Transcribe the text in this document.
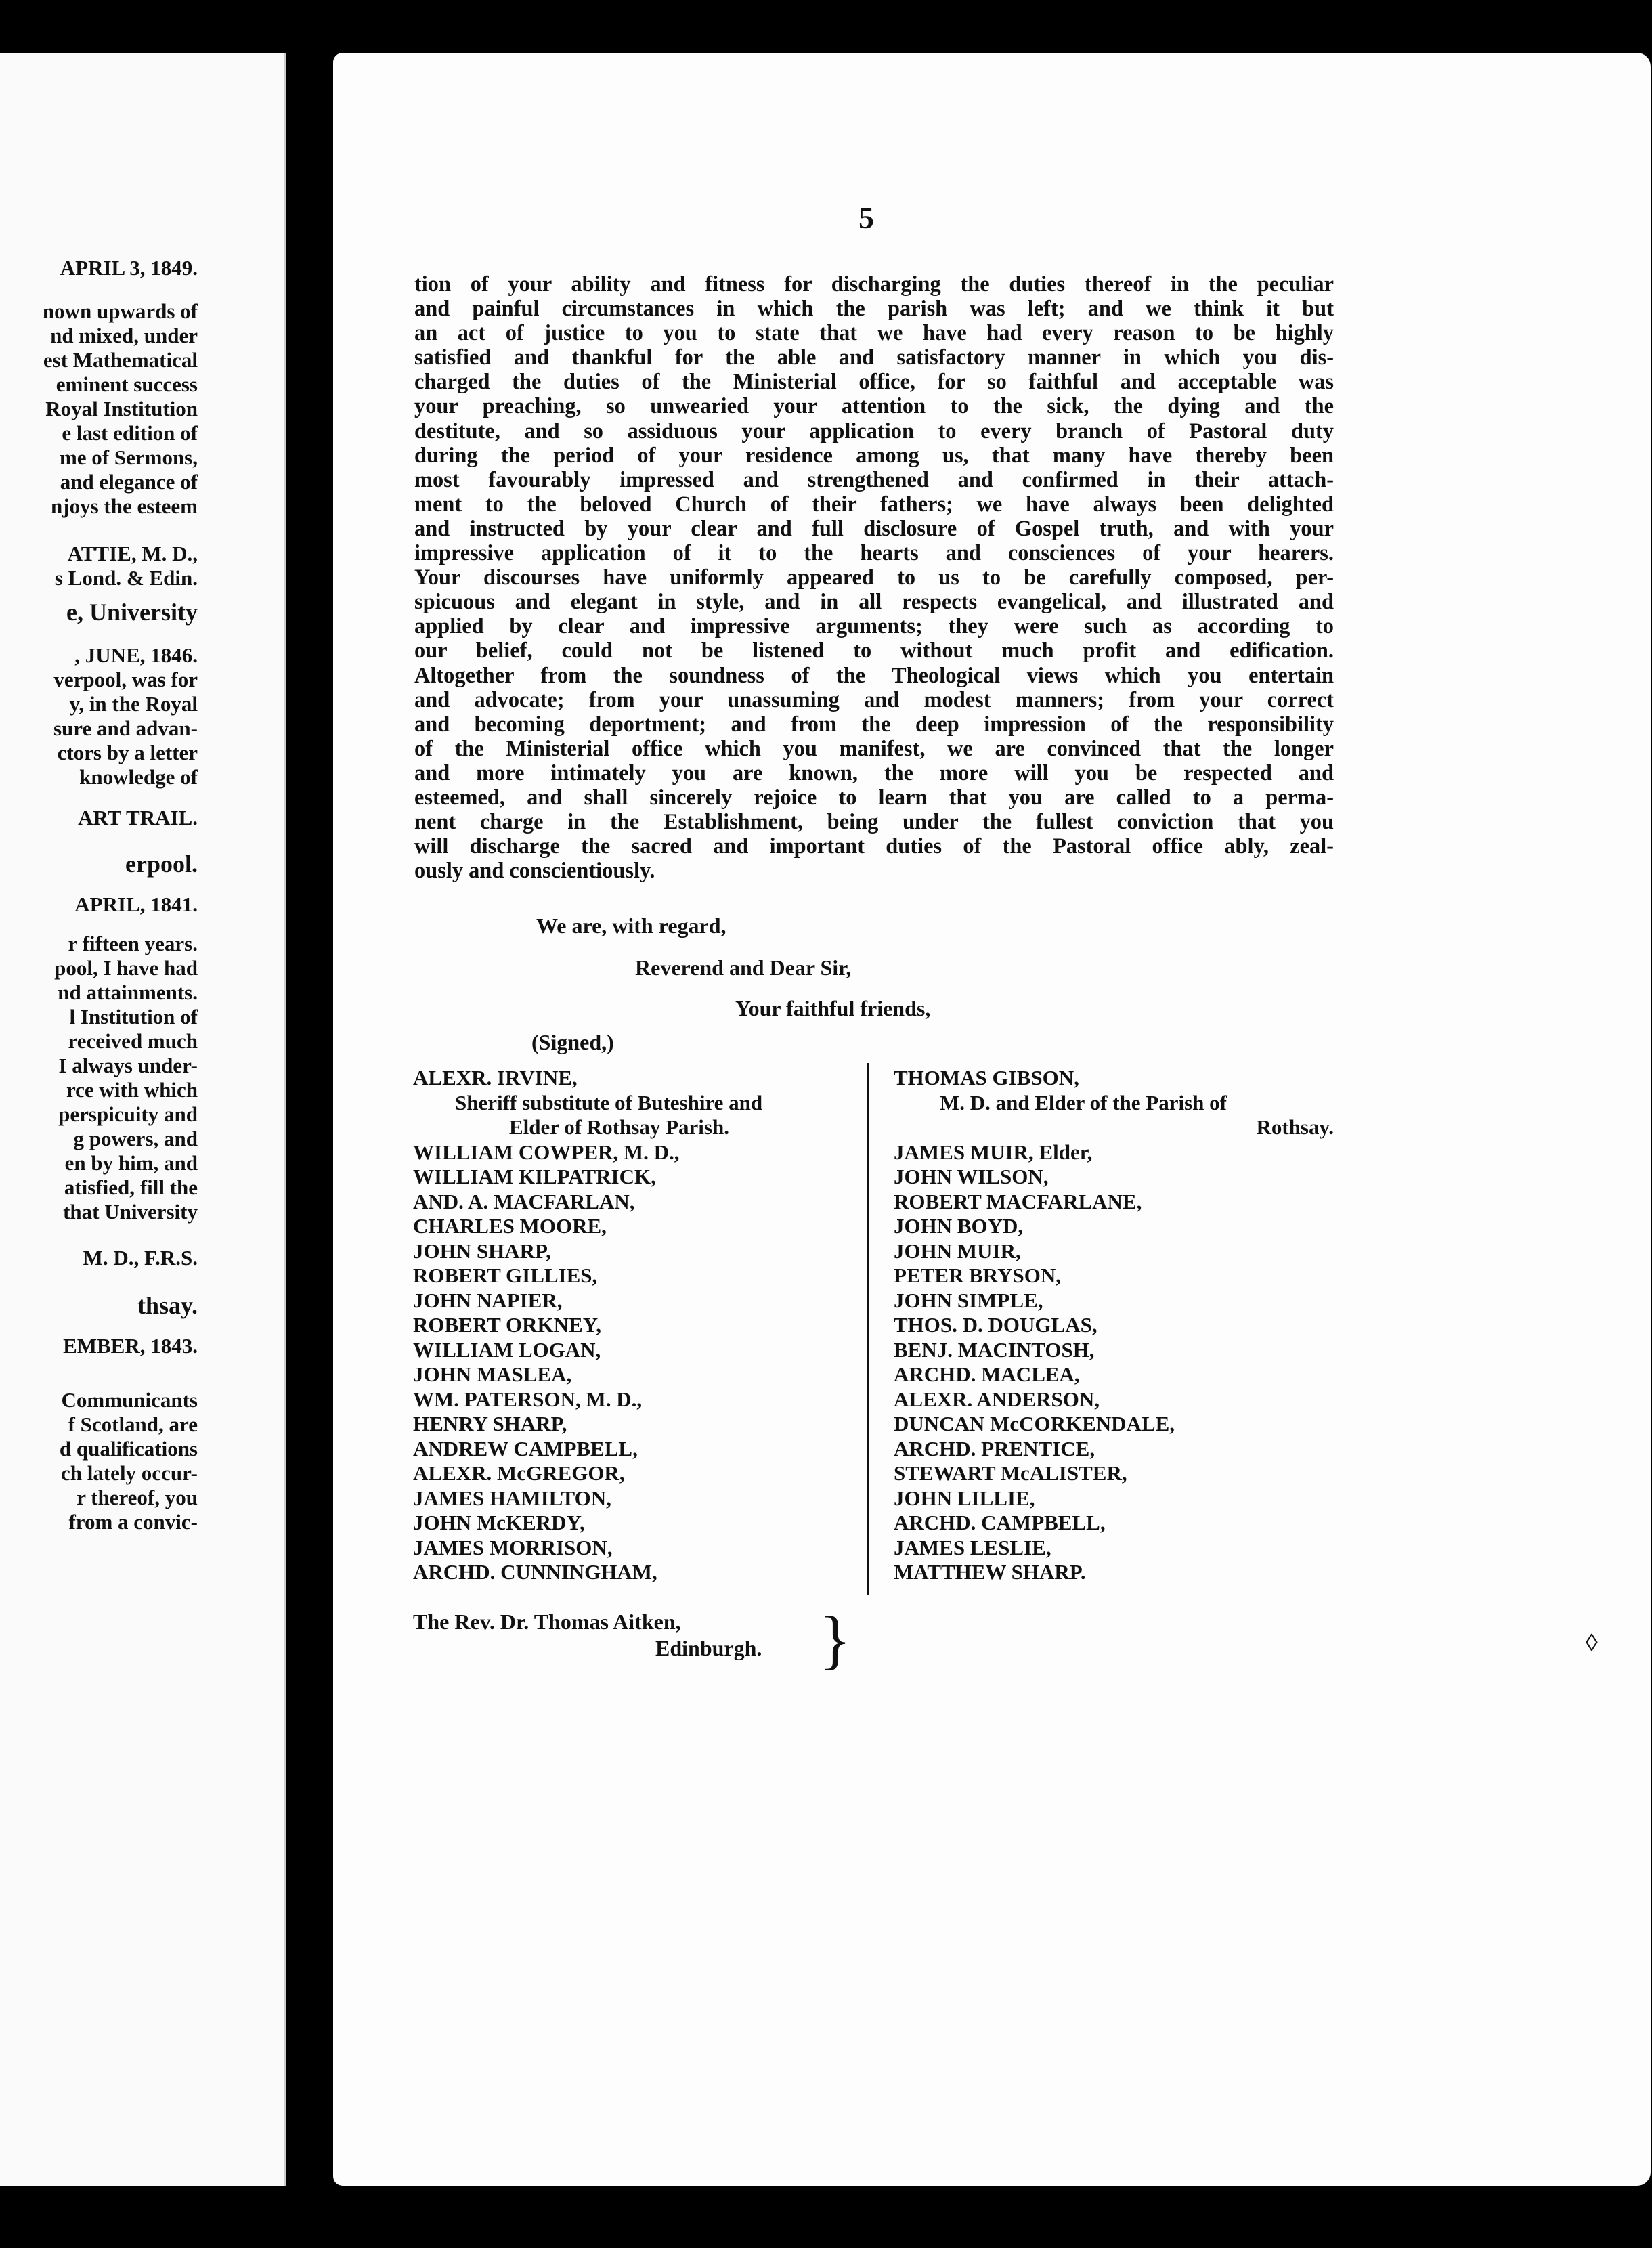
APRIL 3, 1849.
nown upwards of
nd mixed, under
est Mathematical
eminent success
Royal Institution
e last edition of
me of Sermons,
and elegance of
njoys the esteem
ATTIE, M. D.,
s Lond. & Edin.
e, University
, JUNE, 1846.
verpool, was for
y, in the Royal
sure and advan-
ctors by a letter
knowledge of
ART TRAIL.
erpool.
APRIL, 1841.
r fifteen years.
pool, I have had
nd attainments.
l Institution of
received much
I always under-
rce with which
perspicuity and
g powers, and
en by him, and
atisfied, fill the
that University
M. D., F.R.S.
thsay.
EMBER, 1843.
Communicants
f Scotland, are
d qualifications
ch lately occur-
r thereof, you
from a convic-
5
tion of your ability and fitness for discharging the duties thereof in the peculiar
and painful circumstances in which the parish was left; and we think it but
an act of justice to you to state that we have had every reason to be highly
satisfied and thankful for the able and satisfactory manner in which you dis-
charged the duties of the Ministerial office, for so faithful and acceptable was
your preaching, so unwearied your attention to the sick, the dying and the
destitute, and so assiduous your application to every branch of Pastoral duty
during the period of your residence among us, that many have thereby been
most favourably impressed and strengthened and confirmed in their attach-
ment to the beloved Church of their fathers; we have always been delighted
and instructed by your clear and full disclosure of Gospel truth, and with your
impressive application of it to the hearts and consciences of your hearers.
Your discourses have uniformly appeared to us to be carefully composed, per-
spicuous and elegant in style, and in all respects evangelical, and illustrated and
applied by clear and impressive arguments; they were such as according to
our belief, could not be listened to without much profit and edification.
Altogether from the soundness of the Theological views which you entertain
and advocate; from your unassuming and modest manners; from your correct
and becoming deportment; and from the deep impression of the responsibility
of the Ministerial office which you manifest, we are convinced that the longer
and more intimately you are known, the more will you be respected and
esteemed, and shall sincerely rejoice to learn that you are called to a perma-
nent charge in the Establishment, being under the fullest conviction that you
will discharge the sacred and important duties of the Pastoral office ably, zeal-
ously and conscientiously.
We are, with regard,
Reverend and Dear Sir,
Your faithful friends,
(Signed,)
ALEXR. IRVINE,
Sheriff substitute of Buteshire and
Elder of Rothsay Parish.
WILLIAM COWPER, M. D.,
WILLIAM KILPATRICK,
AND. A. MACFARLAN,
CHARLES MOORE,
JOHN SHARP,
ROBERT GILLIES,
JOHN NAPIER,
ROBERT ORKNEY,
WILLIAM LOGAN,
JOHN MASLEA,
WM. PATERSON, M. D.,
HENRY SHARP,
ANDREW CAMPBELL,
ALEXR. McGREGOR,
JAMES HAMILTON,
JOHN McKERDY,
JAMES MORRISON,
ARCHD. CUNNINGHAM,
THOMAS GIBSON,
M. D. and Elder of the Parish of
Rothsay.
JAMES MUIR, Elder,
JOHN WILSON,
ROBERT MACFARLANE,
JOHN BOYD,
JOHN MUIR,
PETER BRYSON,
JOHN SIMPLE,
THOS. D. DOUGLAS,
BENJ. MACINTOSH,
ARCHD. MACLEA,
ALEXR. ANDERSON,
DUNCAN McCORKENDALE,
ARCHD. PRENTICE,
STEWART McALISTER,
JOHN LILLIE,
ARCHD. CAMPBELL,
JAMES LESLIE,
MATTHEW SHARP.
The Rev. Dr. Thomas Aitken,
Edinburgh. }	◊
